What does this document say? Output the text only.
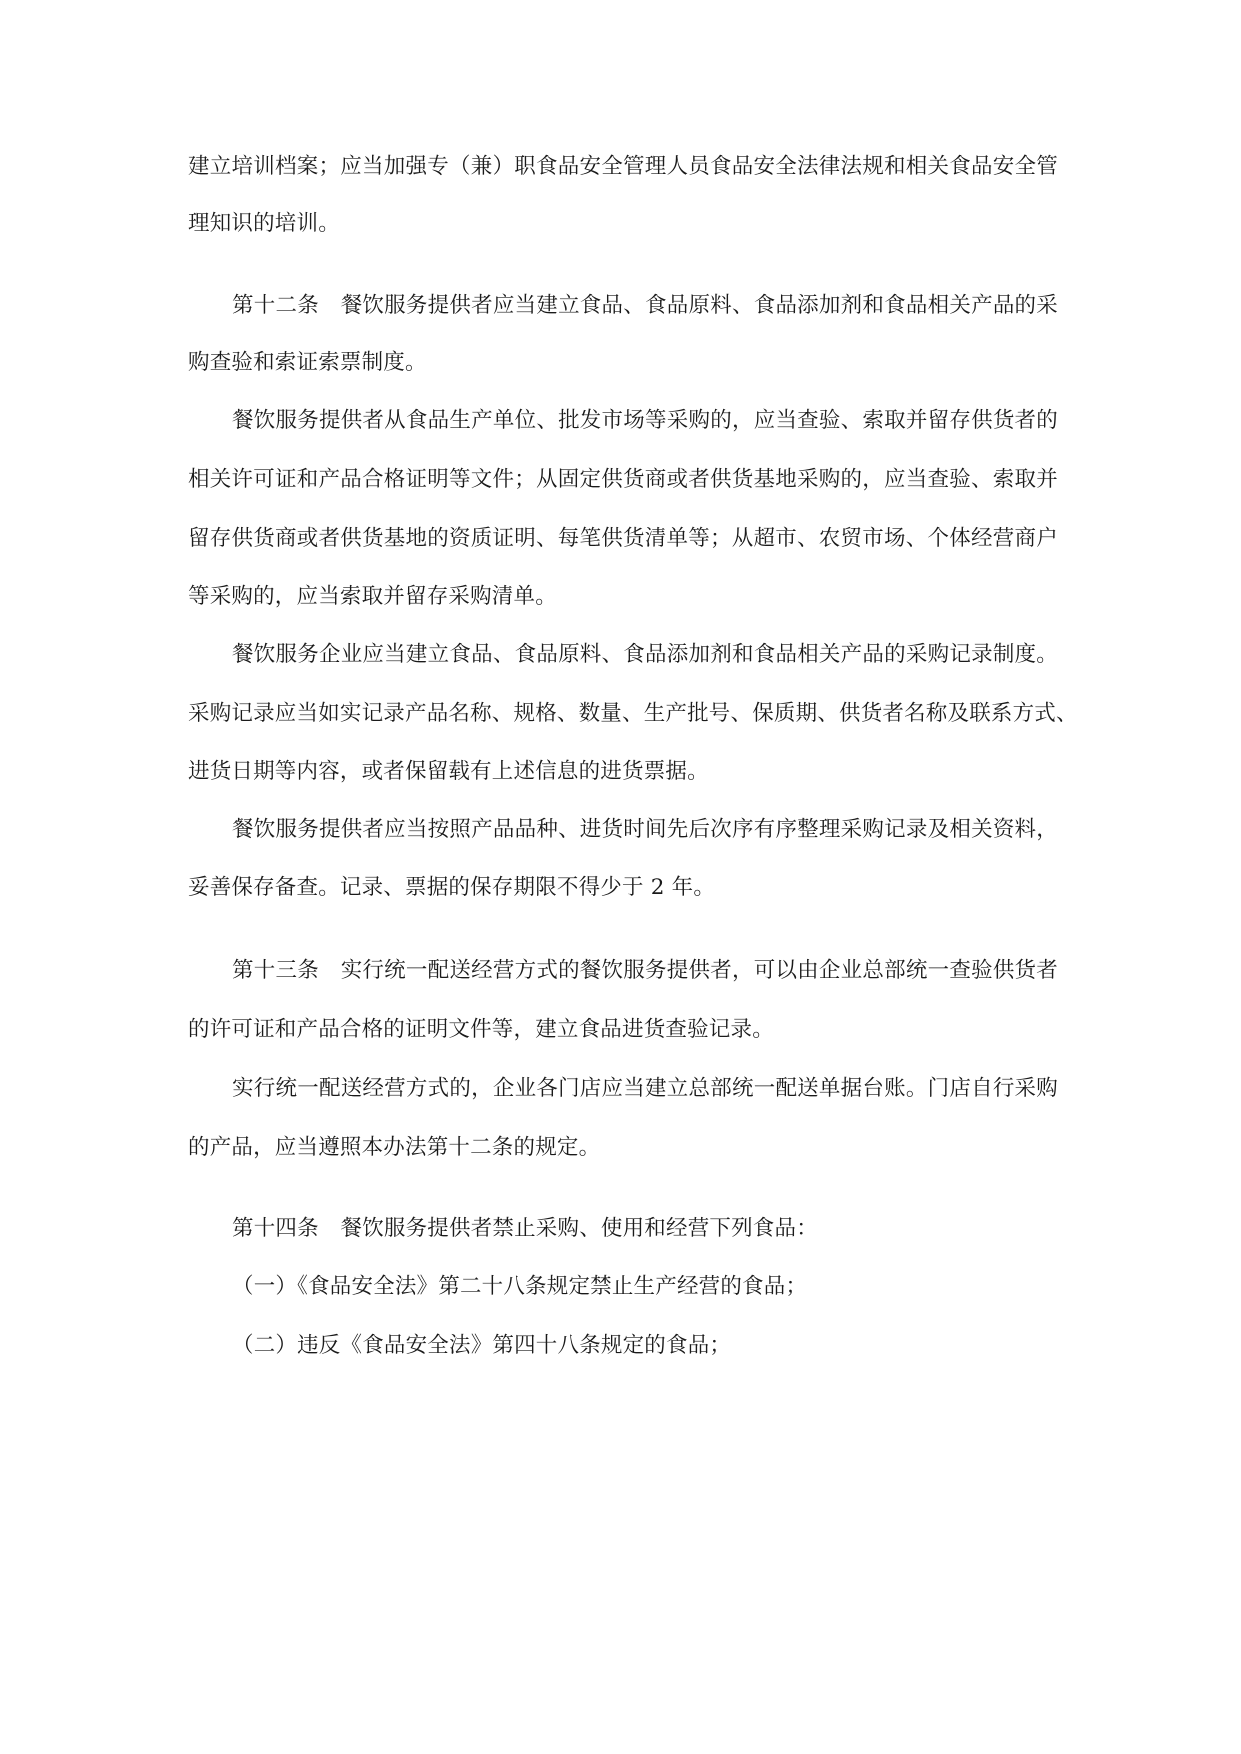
建立培训档案；应当加强专（兼）职食品安全管理人员食品安全法律法规和相关食品安全管
理知识的培训。
第十二条　餐饮服务提供者应当建立食品、食品原料、食品添加剂和食品相关产品的采
购查验和索证索票制度。
餐饮服务提供者从食品生产单位、批发市场等采购的，应当查验、索取并留存供货者的
相关许可证和产品合格证明等文件；从固定供货商或者供货基地采购的，应当查验、索取并
留存供货商或者供货基地的资质证明、每笔供货清单等；从超市、农贸市场、个体经营商户
等采购的，应当索取并留存采购清单。
餐饮服务企业应当建立食品、食品原料、食品添加剂和食品相关产品的采购记录制度。
采购记录应当如实记录产品名称、规格、数量、生产批号、保质期、供货者名称及联系方式、
进货日期等内容，或者保留载有上述信息的进货票据。
餐饮服务提供者应当按照产品品种、进货时间先后次序有序整理采购记录及相关资料，
妥善保存备查。记录、票据的保存期限不得少于 2 年。
第十三条　实行统一配送经营方式的餐饮服务提供者，可以由企业总部统一查验供货者
的许可证和产品合格的证明文件等，建立食品进货查验记录。
实行统一配送经营方式的，企业各门店应当建立总部统一配送单据台账。门店自行采购
的产品，应当遵照本办法第十二条的规定。
第十四条　餐饮服务提供者禁止采购、使用和经营下列食品：
（一）《食品安全法》第二十八条规定禁止生产经营的食品；
（二）违反《食品安全法》第四十八条规定的食品；
